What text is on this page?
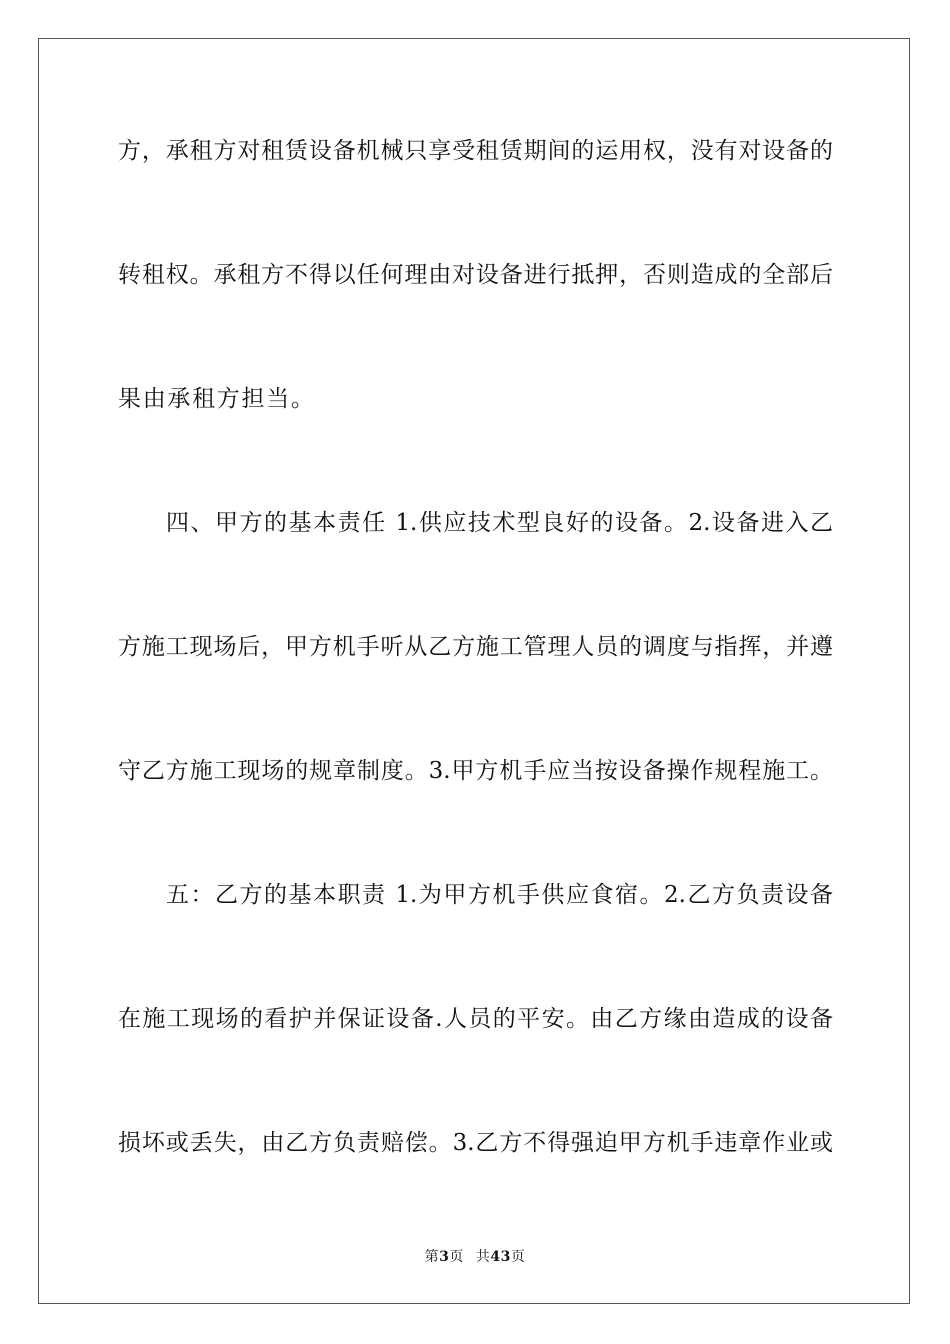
方，承租方对租赁设备机械只享受租赁期间的运用权，没有对设备的
转租权。承租方不得以任何理由对设备进行抵押，否则造成的全部后
果由承租方担当。
四、甲方的基本责任 1.供应技术型良好的设备。2.设备进入乙
方施工现场后，甲方机手听从乙方施工管理人员的调度与指挥，并遵
守乙方施工现场的规章制度。3.甲方机手应当按设备操作规程施工。
五：乙方的基本职责 1.为甲方机手供应食宿。2.乙方负责设备
在施工现场的看护并保证设备.人员的平安。由乙方缘由造成的设备
损坏或丢失，由乙方负责赔偿。3.乙方不得强迫甲方机手违章作业或
第3页 共43页
